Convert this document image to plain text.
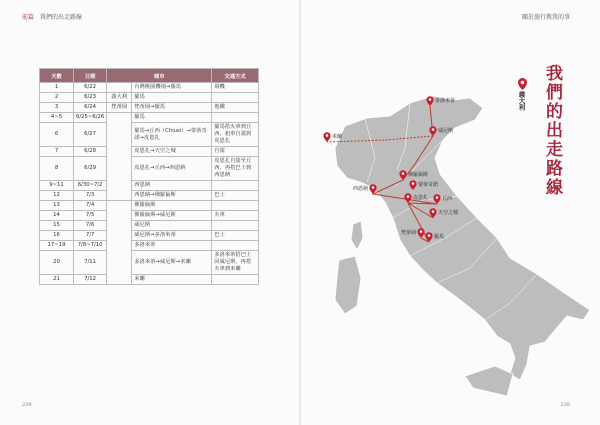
前篇 我們的出走路線	關於旅行教我的事
天數	日期	城市		交通方式
1	6/22		台灣桃園機場→羅馬	飛機
2	6/23	義大利	羅馬	
3	6/24	梵蒂岡	梵蒂岡→羅馬	地鐵
4~5	6/25~6/26		羅馬	
6	6/27		羅馬→丘西（Chiusi）→蒙蒂奇諾→皮恩扎	羅馬搭火車到丘西，租車自駕到皮恩扎
7	6/28		皮恩扎→天空之城	自駕
8	6/29		皮恩扎→丘西→西恩納	皮恩扎自駕至丘西，再搭巴士到西恩納
9~11	6/30~7/2		西恩納	
12	7/3		西恩納→佛羅倫斯	巴士
13	7/4		佛羅倫斯	
14	7/5		佛羅倫斯→威尼斯	火車
15	7/6		威尼斯	
16	7/7		威尼斯→多洛米蒂	巴士
17~19	7/8~7/10		多洛米蒂	
20	7/11		多洛米蒂→威尼斯→米蘭	多洛米蒂搭巴士回威尼斯，再搭火車到米蘭
21	7/12		米蘭	
我們的出走路線
義大利
多洛米蒂
米蘭
威尼斯
佛羅倫斯
蒙蒂奇諾
西恩納
皮恩扎	丘西
天空之城
梵蒂岡
羅馬
239	238
